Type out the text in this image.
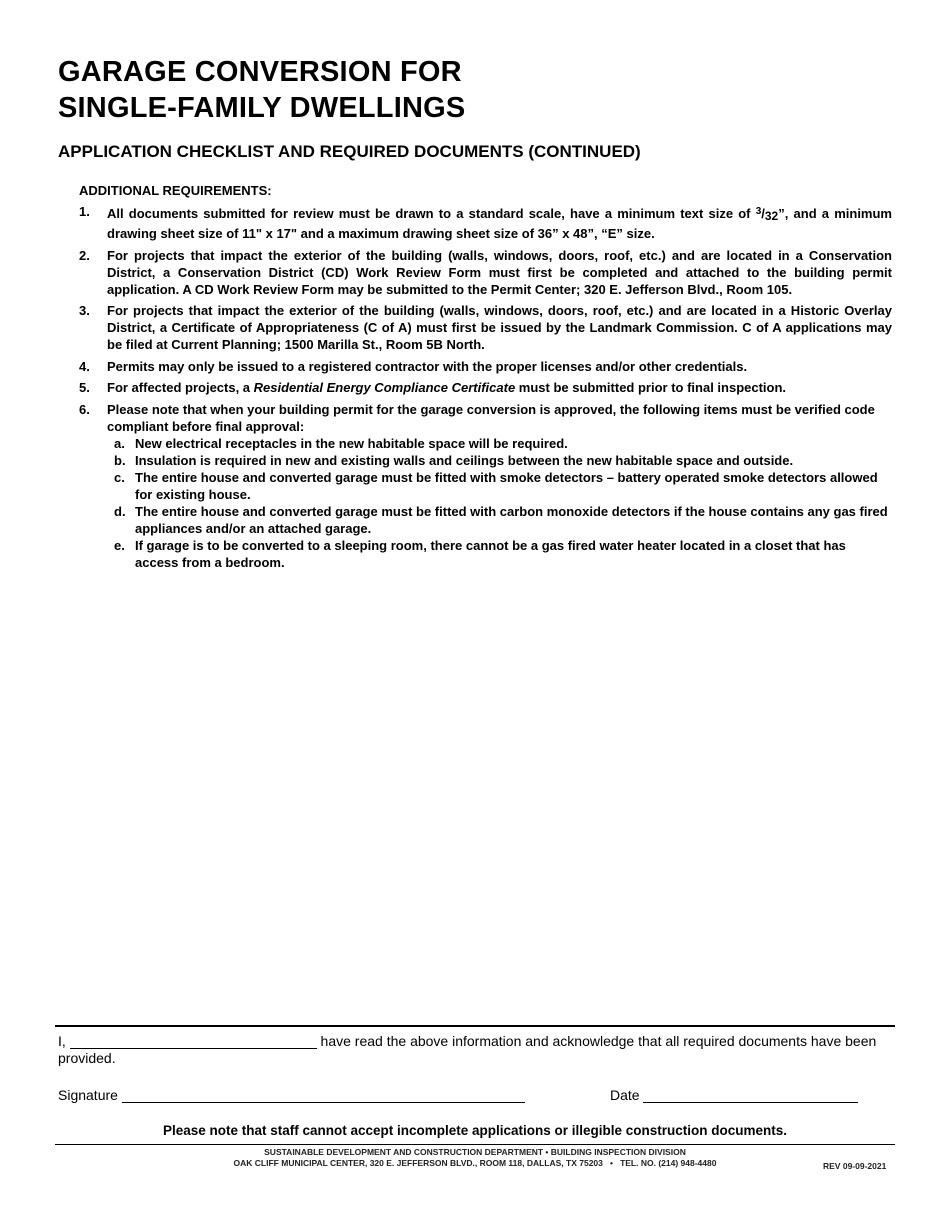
GARAGE CONVERSION FOR
SINGLE-FAMILY DWELLINGS
APPLICATION CHECKLIST AND REQUIRED DOCUMENTS (CONTINUED)
ADDITIONAL REQUIREMENTS:
1.	All documents submitted for review must be drawn to a standard scale, have a minimum text size of $^3/_{32}$”, and a minimum drawing sheet size of 11" x 17" and a maximum drawing sheet size of 36” x 48”, “E” size.
2.	For projects that impact the exterior of the building (walls, windows, doors, roof, etc.) and are located in a Conservation District, a Conservation District (CD) Work Review Form must first be completed and attached to the building permit application. A CD Work Review Form may be submitted to the Permit Center; 320 E. Jefferson Blvd., Room 105.
3.	For projects that impact the exterior of the building (walls, windows, doors, roof, etc.) and are located in a Historic Overlay District, a Certificate of Appropriateness (C of A) must first be issued by the Landmark Commission. C of A applications may be filed at Current Planning; 1500 Marilla St., Room 5B North.
4.	Permits may only be issued to a registered contractor with the proper licenses and/or other credentials.
5.	For affected projects, a Residential Energy Compliance Certificate must be submitted prior to final inspection.
6.	Please note that when your building permit for the garage conversion is approved, the following items must be verified code compliant before final approval:
a. New electrical receptacles in the new habitable space will be required.
b. Insulation is required in new and existing walls and ceilings between the new habitable space and outside.
c. The entire house and converted garage must be fitted with smoke detectors – battery operated smoke detectors allowed for existing house.
d. The entire house and converted garage must be fitted with carbon monoxide detectors if the house contains any gas fired appliances and/or an attached garage.
e. If garage is to be converted to a sleeping room, there cannot be a gas fired water heater located in a closet that has access from a bedroom.
I,	have read the above information and acknowledge that all required documents have been provided.
Signature	Date
Please note that staff cannot accept incomplete applications or illegible construction documents.
SUSTAINABLE DEVELOPMENT AND CONSTRUCTION DEPARTMENT • BUILDING INSPECTION DIVISION
OAK CLIFF MUNICIPAL CENTER, 320 E. JEFFERSON BLVD., ROOM 118, DALLAS, TX 75203 • TEL. NO. (214) 948-4480	REV 09-09-2021
